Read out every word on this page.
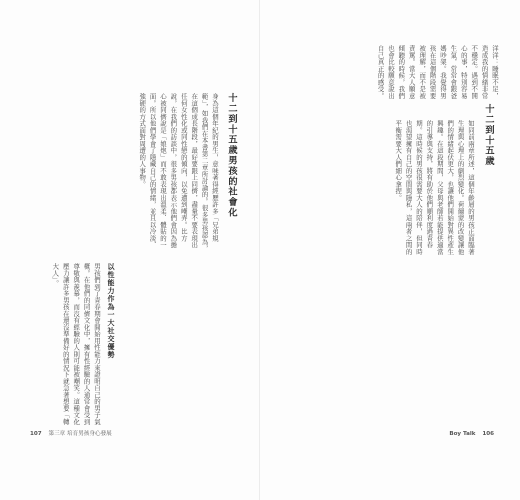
身為這個年紀的男生，意味著得經歷許多「兄弟規範」，如我們在本書第二章所討論的。很多男孩認為，在這個成長階段，最好要跟上同儕，盡量不要表現出任何女性化或同性戀的傾向，以免遭到嘲弄。比方說，在我們的訪談中，很多男孩都表示他們會因為擔心被同儕說是「娘炮」而不敢表現出溫柔、體貼的一面。所以他們學會了隱藏自己的情緒，並且以冷淡、強硬的方式面對周遭的人事物。	十二到十五歲男孩的社會化
以性能力作為一大社交優勢

男孩們到了青春期會開始用性能力來證明自己的男子氣概。在他們的同儕文化中，擁有性經驗的人通常會受到尊敬與羨慕，而沒有經驗的人則可能被嘲笑。這種文化壓力讓許多男孩在還沒準備好的情況下就急著想要「轉大人」。

107 第三章 培育男孩身心發展

洋洋：睡眠不足，造成我的情緒非常不穩定。遇到不開心的事，特別容易生氣，常常會跟爸媽吵架。我覺得男孩在這個階段需要被理解，而不是被責罵。當大人願意傾聽的時候，我們也會比較願意說出自己真正的感受。

十二到十五歲

如同前兩章所述，這個年齡層的男孩正面臨著生理與心理上的劇烈變化。荷爾蒙的改變讓他們的情緒起伏更大，也讓他們開始對異性產生興趣。在這段期間，父母與老師若能提供適當的引導與支持，將有助於他們順利度過青春期。這時候的男孩很需要大人的陪伴，但同時也渴望擁有自己的空間與隱私，這兩者之間的平衡需要大人們細心拿捏。

Boy Talk 106
